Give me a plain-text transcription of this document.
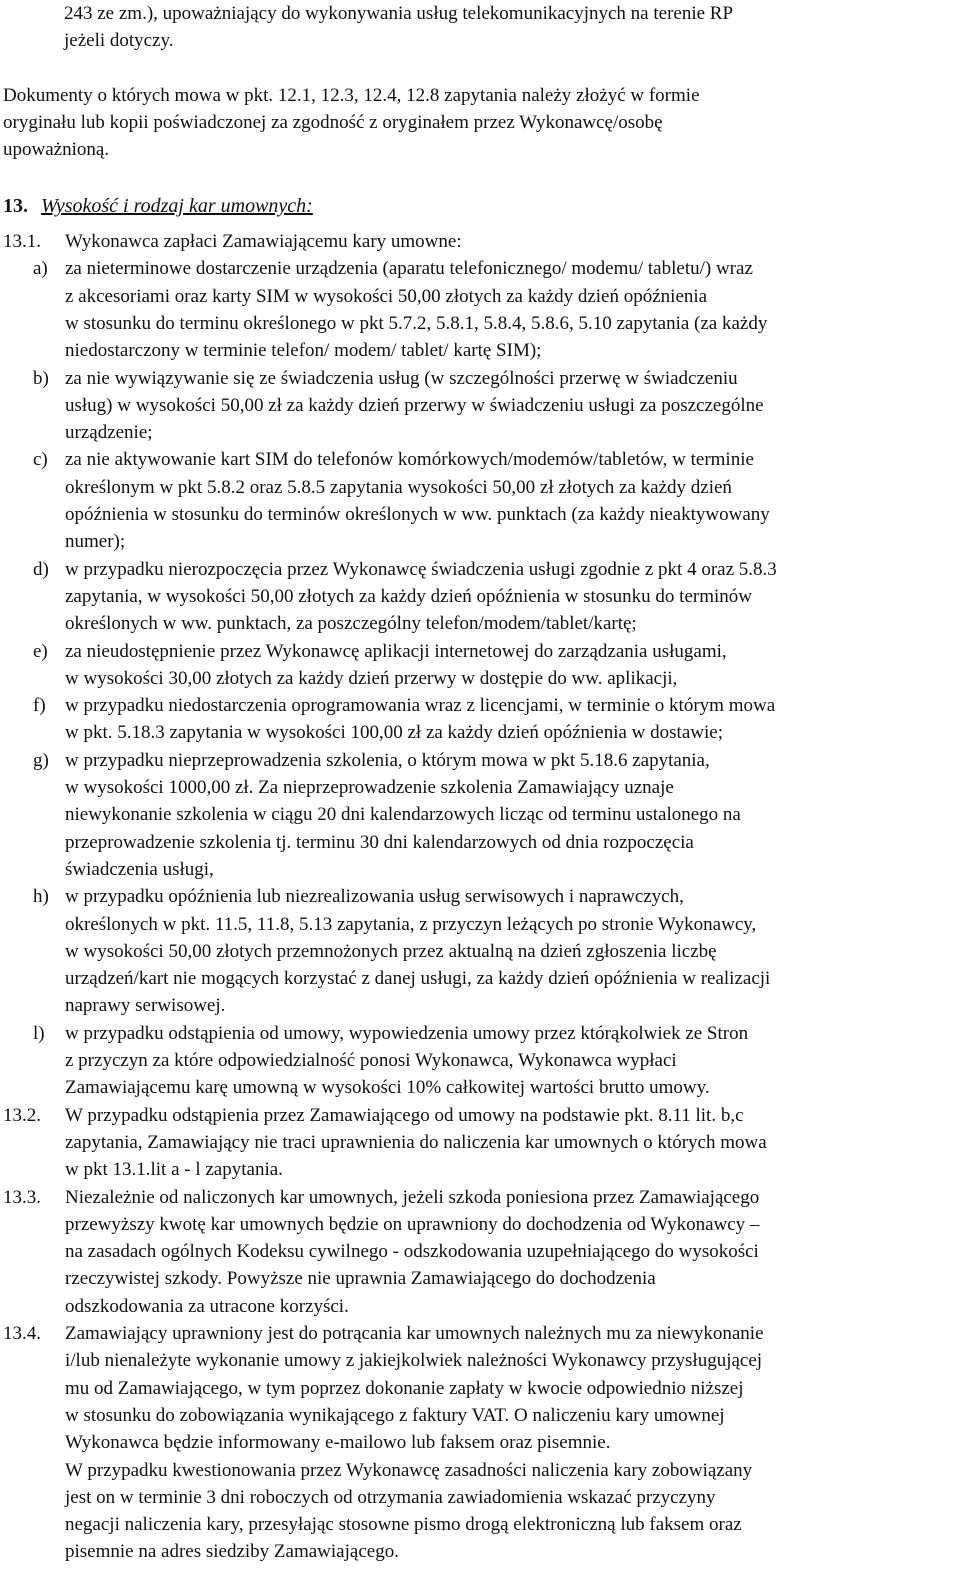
243 ze zm.), upoważniający do wykonywania usług telekomunikacyjnych na terenie RP
jeżeli dotyczy.
Dokumenty o których mowa w pkt. 12.1, 12.3, 12.4, 12.8 zapytania należy złożyć w formie
oryginału lub kopii poświadczonej za zgodność z oryginałem przez Wykonawcę/osobę
upoważnioną.
13. Wysokość i rodzaj kar umownych:
13.1. Wykonawca zapłaci Zamawiającemu kary umowne:
a) za nieterminowe dostarczenie urządzenia (aparatu telefonicznego/ modemu/ tabletu/) wraz
z akcesoriami oraz karty SIM w wysokości 50,00 złotych za każdy dzień opóźnienia
w stosunku do terminu określonego w pkt 5.7.2, 5.8.1, 5.8.4, 5.8.6, 5.10 zapytania (za każdy
niedostarczony w terminie telefon/ modem/ tablet/ kartę SIM);
b) za nie wywiązywanie się ze świadczenia usług (w szczególności przerwę w świadczeniu
usług) w wysokości 50,00 zł za każdy dzień przerwy w świadczeniu usługi za poszczególne
urządzenie;
c) za nie aktywowanie kart SIM do telefonów komórkowych/modemów/tabletów, w terminie
określonym w pkt 5.8.2 oraz 5.8.5 zapytania wysokości 50,00 zł złotych za każdy dzień
opóźnienia w stosunku do terminów określonych w ww. punktach (za każdy nieaktywowany
numer);
d) w przypadku nierozpoczęcia przez Wykonawcę świadczenia usługi zgodnie z pkt 4 oraz 5.8.3
zapytania, w wysokości 50,00 złotych za każdy dzień opóźnienia w stosunku do terminów
określonych w ww. punktach, za poszczególny telefon/modem/tablet/kartę;
e) za nieudostępnienie przez Wykonawcę aplikacji internetowej do zarządzania usługami,
w wysokości 30,00 złotych za każdy dzień przerwy w dostępie do ww. aplikacji,
f) w przypadku niedostarczenia oprogramowania wraz z licencjami, w terminie o którym mowa
w pkt. 5.18.3 zapytania w wysokości 100,00 zł za każdy dzień opóźnienia w dostawie;
g) w przypadku nieprzeprowadzenia szkolenia, o którym mowa w pkt 5.18.6 zapytania,
w wysokości 1000,00 zł. Za nieprzeprowadzenie szkolenia Zamawiający uznaje
niewykonanie szkolenia w ciągu 20 dni kalendarzowych licząc od terminu ustalonego na
przeprowadzenie szkolenia tj. terminu 30 dni kalendarzowych od dnia rozpoczęcia
świadczenia usługi,
h) w przypadku opóźnienia lub niezrealizowania usług serwisowych i naprawczych,
określonych w pkt. 11.5, 11.8, 5.13 zapytania, z przyczyn leżących po stronie Wykonawcy,
w wysokości 50,00 złotych przemnożonych przez aktualną na dzień zgłoszenia liczbę
urządzeń/kart nie mogących korzystać z danej usługi, za każdy dzień opóźnienia w realizacji
naprawy serwisowej.
l) w przypadku odstąpienia od umowy, wypowiedzenia umowy przez którąkolwiek ze Stron
z przyczyn za które odpowiedzialność ponosi Wykonawca, Wykonawca wypłaci
Zamawiającemu karę umowną w wysokości 10% całkowitej wartości brutto umowy.
13.2. W przypadku odstąpienia przez Zamawiającego od umowy na podstawie pkt. 8.11 lit. b,c
zapytania, Zamawiający nie traci uprawnienia do naliczenia kar umownych o których mowa
w pkt 13.1.lit a - l zapytania.
13.3. Niezależnie od naliczonych kar umownych, jeżeli szkoda poniesiona przez Zamawiającego
przewyższy kwotę kar umownych będzie on uprawniony do dochodzenia od Wykonawcy –
na zasadach ogólnych Kodeksu cywilnego - odszkodowania uzupełniającego do wysokości
rzeczywistej szkody. Powyższe nie uprawnia Zamawiającego do dochodzenia
odszkodowania za utracone korzyści.
13.4. Zamawiający uprawniony jest do potrącania kar umownych należnych mu za niewykonanie
i/lub nienależyte wykonanie umowy z jakiejkolwiek należności Wykonawcy przysługującej
mu od Zamawiającego, w tym poprzez dokonanie zapłaty w kwocie odpowiednio niższej
w stosunku do zobowiązania wynikającego z faktury VAT. O naliczeniu kary umownej
Wykonawca będzie informowany e-mailowo lub faksem oraz pisemnie.
W przypadku kwestionowania przez Wykonawcę zasadności naliczenia kary zobowiązany
jest on w terminie 3 dni roboczych od otrzymania zawiadomienia wskazać przyczyny
negacji naliczenia kary, przesyłając stosowne pismo drogą elektroniczną lub faksem oraz
pisemnie na adres siedziby Zamawiającego.
